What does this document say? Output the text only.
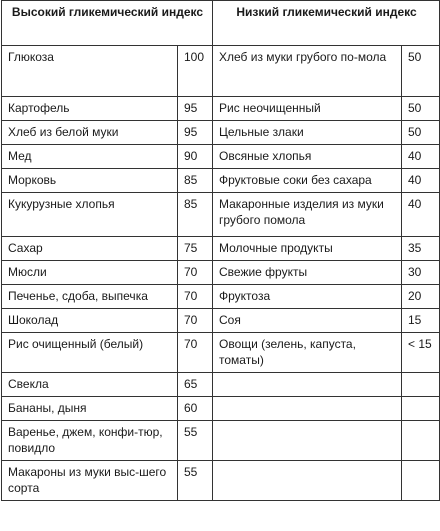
Высокий гликемический индекс		Низкий гликемический индекс	
Глюкоза	100	Хлеб из муки грубого по-мола	50
Картофель	95	Рис неочищенный	50
Хлеб из белой муки	95	Цельные злаки	50
Мед	90	Овсяные хлопья	40
Морковь	85	Фруктовые соки без сахара	40
Кукурузные хлопья	85	Макаронные изделия из муки грубого помола	40
Сахар	75	Молочные продукты	35
Мюсли	70	Свежие фрукты	30
Печенье, сдоба, выпечка	70	Фруктоза	20
Шоколад	70	Соя	15
Рис очищенный (белый)	70	Овощи (зелень, капуста, томаты)	< 15
Свекла	65		
Бананы, дыня	60		
Варенье, джем, конфи-тюр, повидло	55		
Макароны из муки выс-шего сорта	55		
